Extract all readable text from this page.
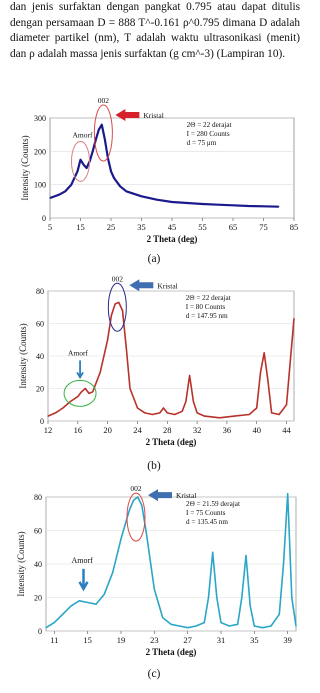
dan jenis surfaktan dengan pangkat 0.795 atau dapat ditulis dengan persamaan D = 888 T^-0.161 ρ^0.795 dimana D adalah diameter partikel (nm), T adalah waktu ultrasonikasi (menit) dan ρ adalah massa jenis surfaktan (g cm^-3) (Lampiran 10).
0
100
200
300
5	15	25	35	45	55	65	75	85
2 Theta (deg)
Intensity (Counts)
002
Amorf
Kristal
2Θ = 22 derajat
I = 280 Counts
d = 75 μm
(a)
0
20
40
60
80
12	16	20	24	28	32	36	40	44
2 Theta (deg)
Intensity (Counts)
002
Amorf
Kristal
2Θ = 22 derajat
I = 80 Counts
d = 147.95 nm
(b)
0
20
40
60
80
11	15	19	23	27	31	35	39
2 Theta (deg)
Intensity (Counts)
002
Amorf
Kristal
2Θ = 21.59 derajat
I = 75 Counts
d = 135.45 nm
(c)
